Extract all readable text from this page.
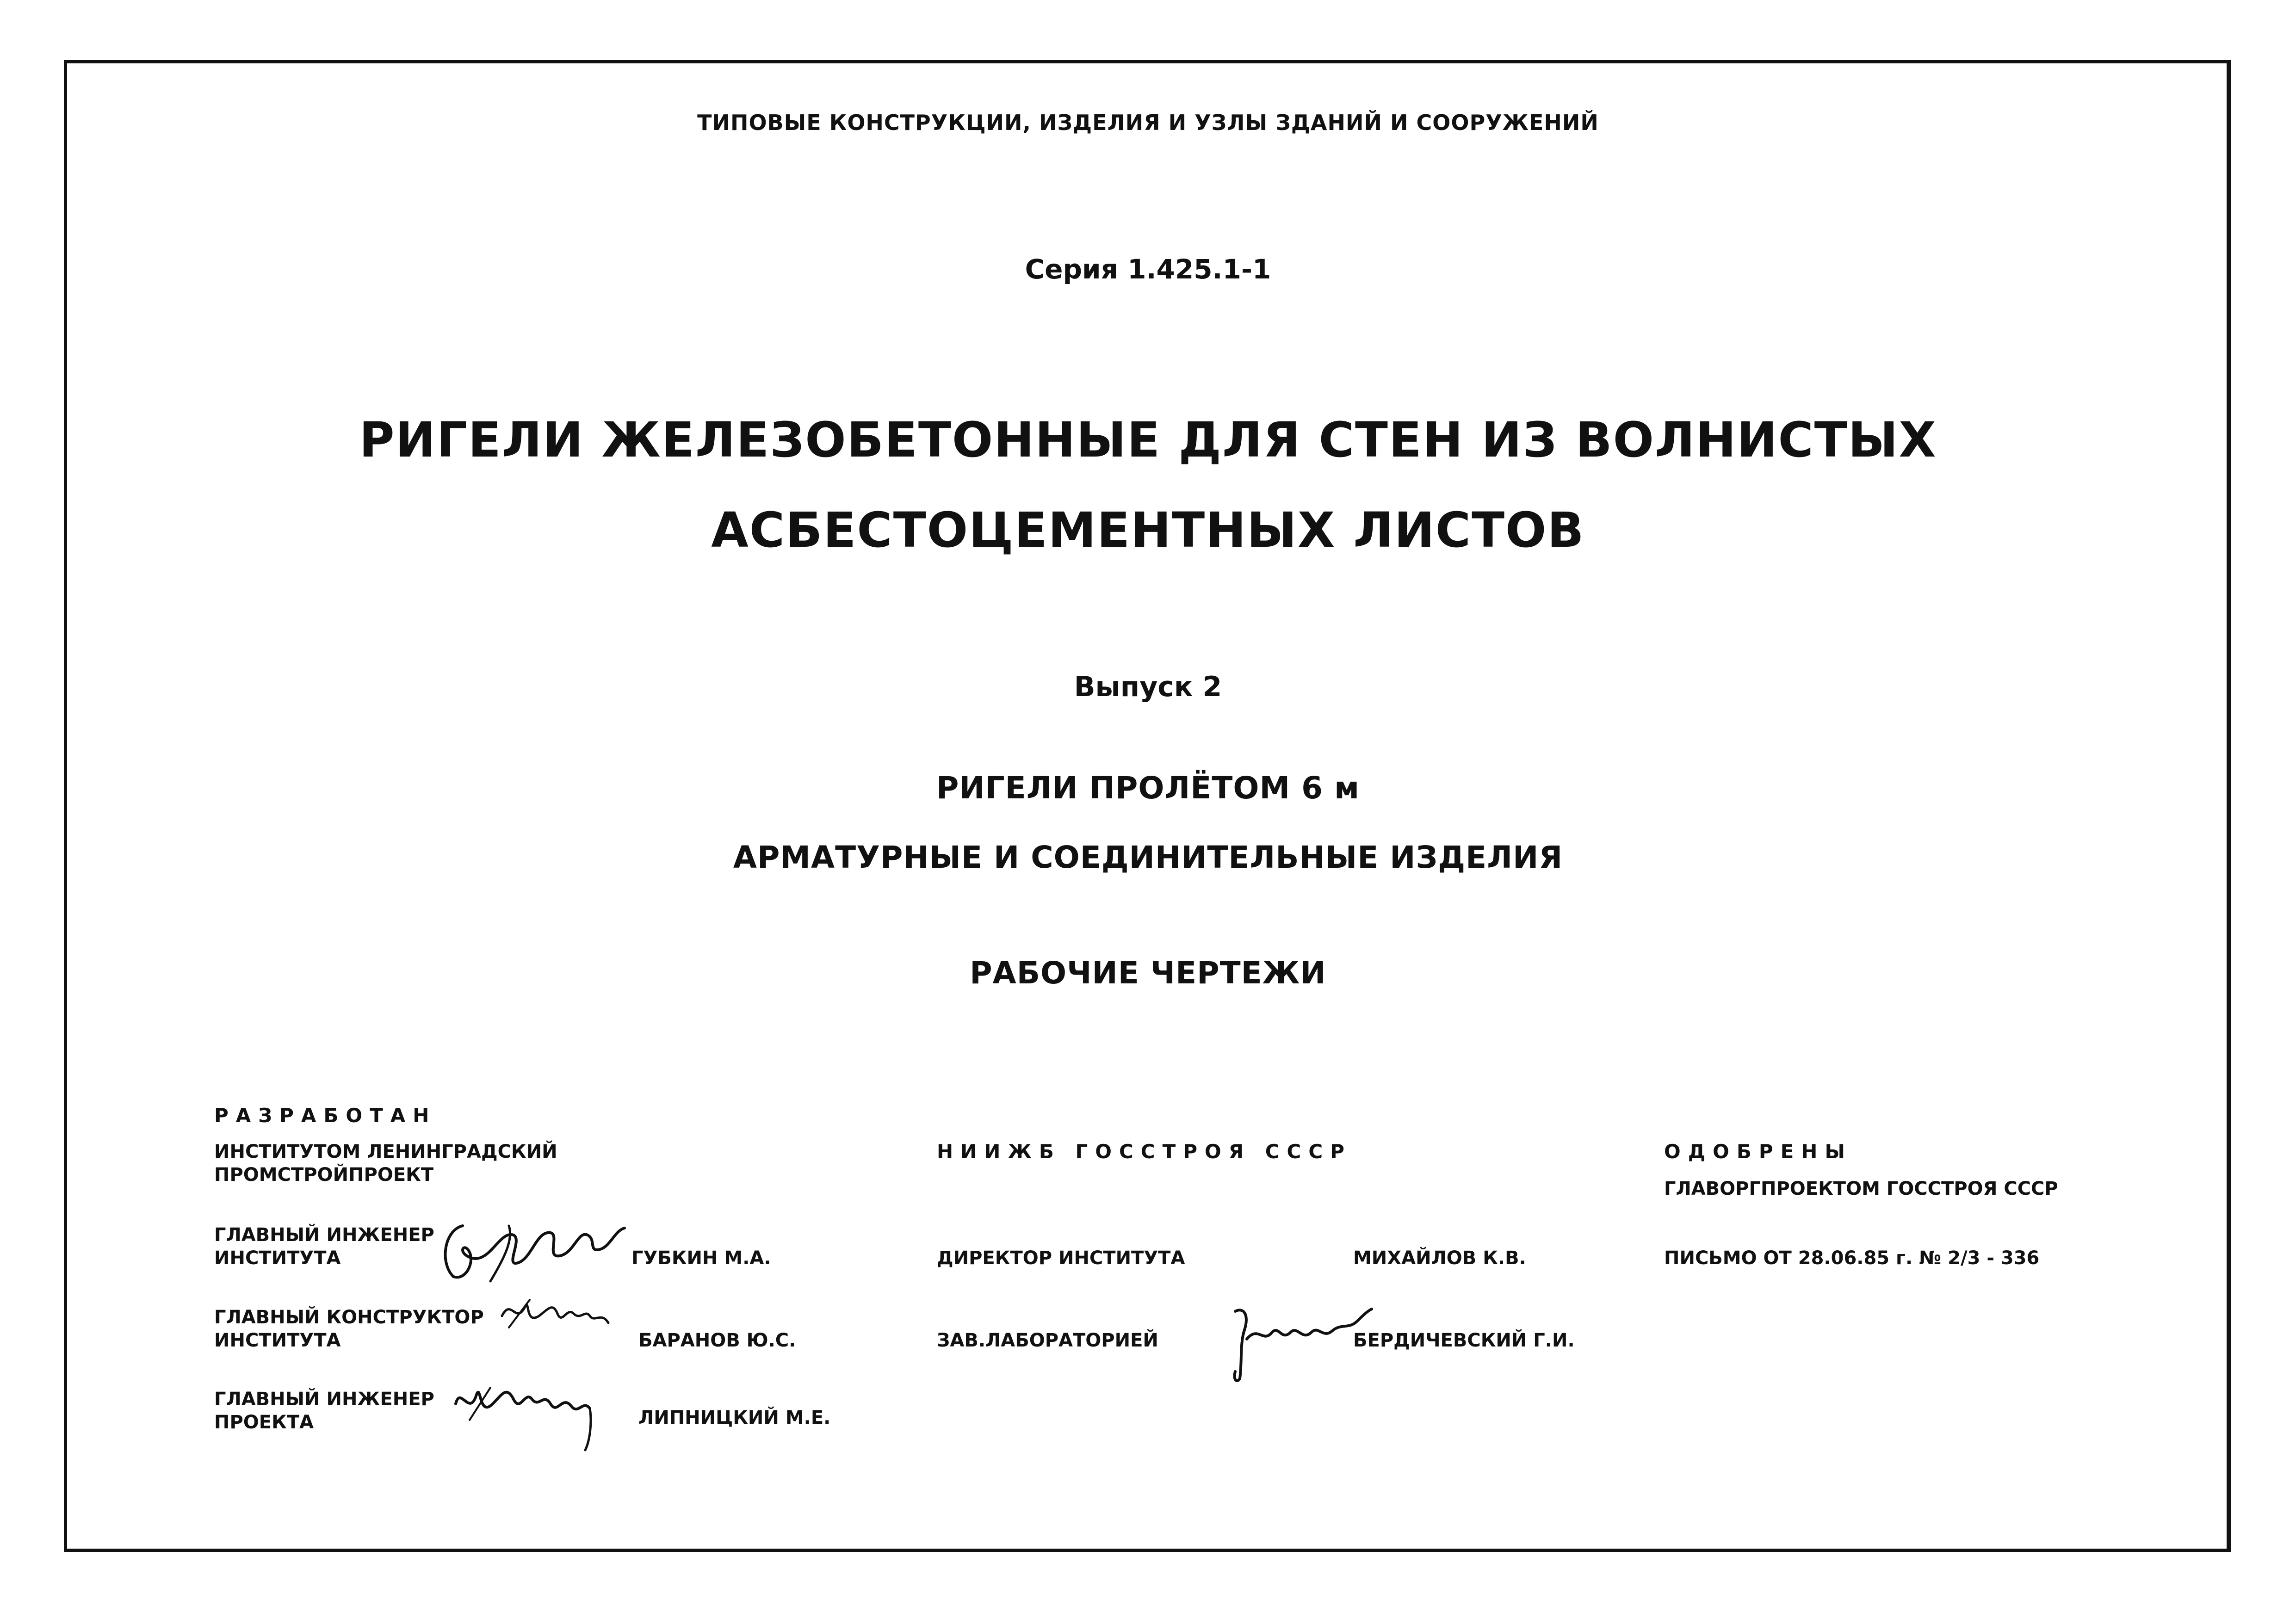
ТИПОВЫЕ КОНСТРУКЦИИ, ИЗДЕЛИЯ И УЗЛЫ ЗДАНИЙ И СООРУЖЕНИЙ
Серия 1.425.1-1
РИГЕЛИ ЖЕЛЕЗОБЕТОННЫЕ ДЛЯ СТЕН ИЗ ВОЛНИСТЫХ
АСБЕСТОЦЕМЕНТНЫХ ЛИСТОВ
Выпуск 2
РИГЕЛИ ПРОЛЁТОМ 6 м
АРМАТУРНЫЕ И СОЕДИНИТЕЛЬНЫЕ ИЗДЕЛИЯ
РАБОЧИЕ ЧЕРТЕЖИ
РАЗРАБОТАН
ИНСТИТУТОМ ЛЕНИНГРАДСКИЙ
ПРОМСТРОЙПРОЕКТ
ГЛАВНЫЙ ИНЖЕНЕР
ИНСТИТУТА	ГУБКИН М.А.
ГЛАВНЫЙ КОНСТРУКТОР
ИНСТИТУТА	БАРАНОВ Ю.С.
ГЛАВНЫЙ ИНЖЕНЕР
ПРОЕКТА	ЛИПНИЦКИЙ М.Е.
НИИЖБ ГОССТРОЯ СССР
ДИРЕКТОР ИНСТИТУТА	МИХАЙЛОВ К.В.
ЗАВ.ЛАБОРАТОРИЕЙ	БЕРДИЧЕВСКИЙ Г.И.
ОДОБРЕНЫ
ГЛАВОРГПРОЕКТОМ ГОССТРОЯ СССР
ПИСЬМО ОТ 28.06.85 г. № 2/3 - 336
